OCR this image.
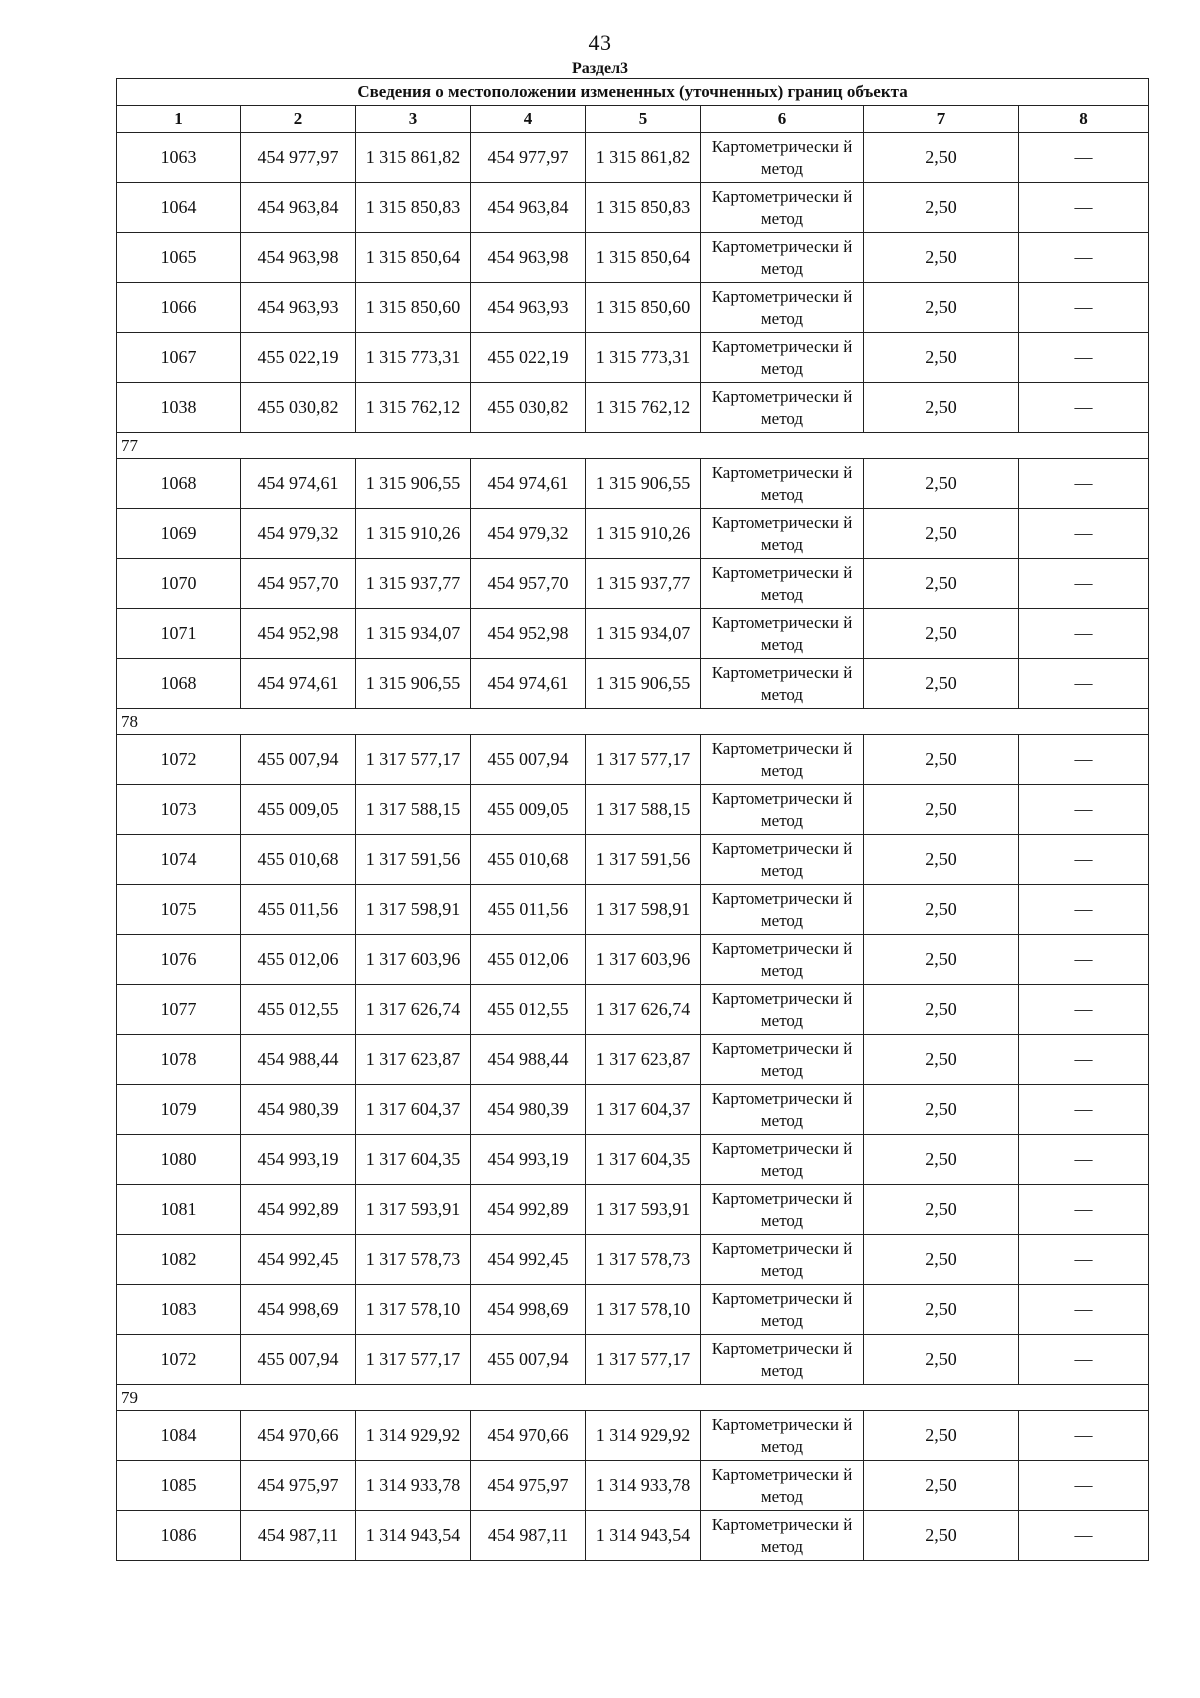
43
Раздел3
Сведения о местоположении измененных (уточненных) границ объекта							
1	2	3	4	5	6	7	8
1063	454 977,97	1 315 861,82	454 977,97	1 315 861,82	Картометрически й метод	2,50	—
1064	454 963,84	1 315 850,83	454 963,84	1 315 850,83	Картометрически й метод	2,50	—
1065	454 963,98	1 315 850,64	454 963,98	1 315 850,64	Картометрически й метод	2,50	—
1066	454 963,93	1 315 850,60	454 963,93	1 315 850,60	Картометрически й метод	2,50	—
1067	455 022,19	1 315 773,31	455 022,19	1 315 773,31	Картометрически й метод	2,50	—
1038	455 030,82	1 315 762,12	455 030,82	1 315 762,12	Картометрически й метод	2,50	—
77							
1068	454 974,61	1 315 906,55	454 974,61	1 315 906,55	Картометрически й метод	2,50	—
1069	454 979,32	1 315 910,26	454 979,32	1 315 910,26	Картометрически й метод	2,50	—
1070	454 957,70	1 315 937,77	454 957,70	1 315 937,77	Картометрически й метод	2,50	—
1071	454 952,98	1 315 934,07	454 952,98	1 315 934,07	Картометрически й метод	2,50	—
1068	454 974,61	1 315 906,55	454 974,61	1 315 906,55	Картометрически й метод	2,50	—
78							
1072	455 007,94	1 317 577,17	455 007,94	1 317 577,17	Картометрически й метод	2,50	—
1073	455 009,05	1 317 588,15	455 009,05	1 317 588,15	Картометрически й метод	2,50	—
1074	455 010,68	1 317 591,56	455 010,68	1 317 591,56	Картометрически й метод	2,50	—
1075	455 011,56	1 317 598,91	455 011,56	1 317 598,91	Картометрически й метод	2,50	—
1076	455 012,06	1 317 603,96	455 012,06	1 317 603,96	Картометрически й метод	2,50	—
1077	455 012,55	1 317 626,74	455 012,55	1 317 626,74	Картометрически й метод	2,50	—
1078	454 988,44	1 317 623,87	454 988,44	1 317 623,87	Картометрически й метод	2,50	—
1079	454 980,39	1 317 604,37	454 980,39	1 317 604,37	Картометрически й метод	2,50	—
1080	454 993,19	1 317 604,35	454 993,19	1 317 604,35	Картометрически й метод	2,50	—
1081	454 992,89	1 317 593,91	454 992,89	1 317 593,91	Картометрически й метод	2,50	—
1082	454 992,45	1 317 578,73	454 992,45	1 317 578,73	Картометрически й метод	2,50	—
1083	454 998,69	1 317 578,10	454 998,69	1 317 578,10	Картометрически й метод	2,50	—
1072	455 007,94	1 317 577,17	455 007,94	1 317 577,17	Картометрически й метод	2,50	—
79							
1084	454 970,66	1 314 929,92	454 970,66	1 314 929,92	Картометрически й метод	2,50	—
1085	454 975,97	1 314 933,78	454 975,97	1 314 933,78	Картометрически й метод	2,50	—
1086	454 987,11	1 314 943,54	454 987,11	1 314 943,54	Картометрически й метод	2,50	—
